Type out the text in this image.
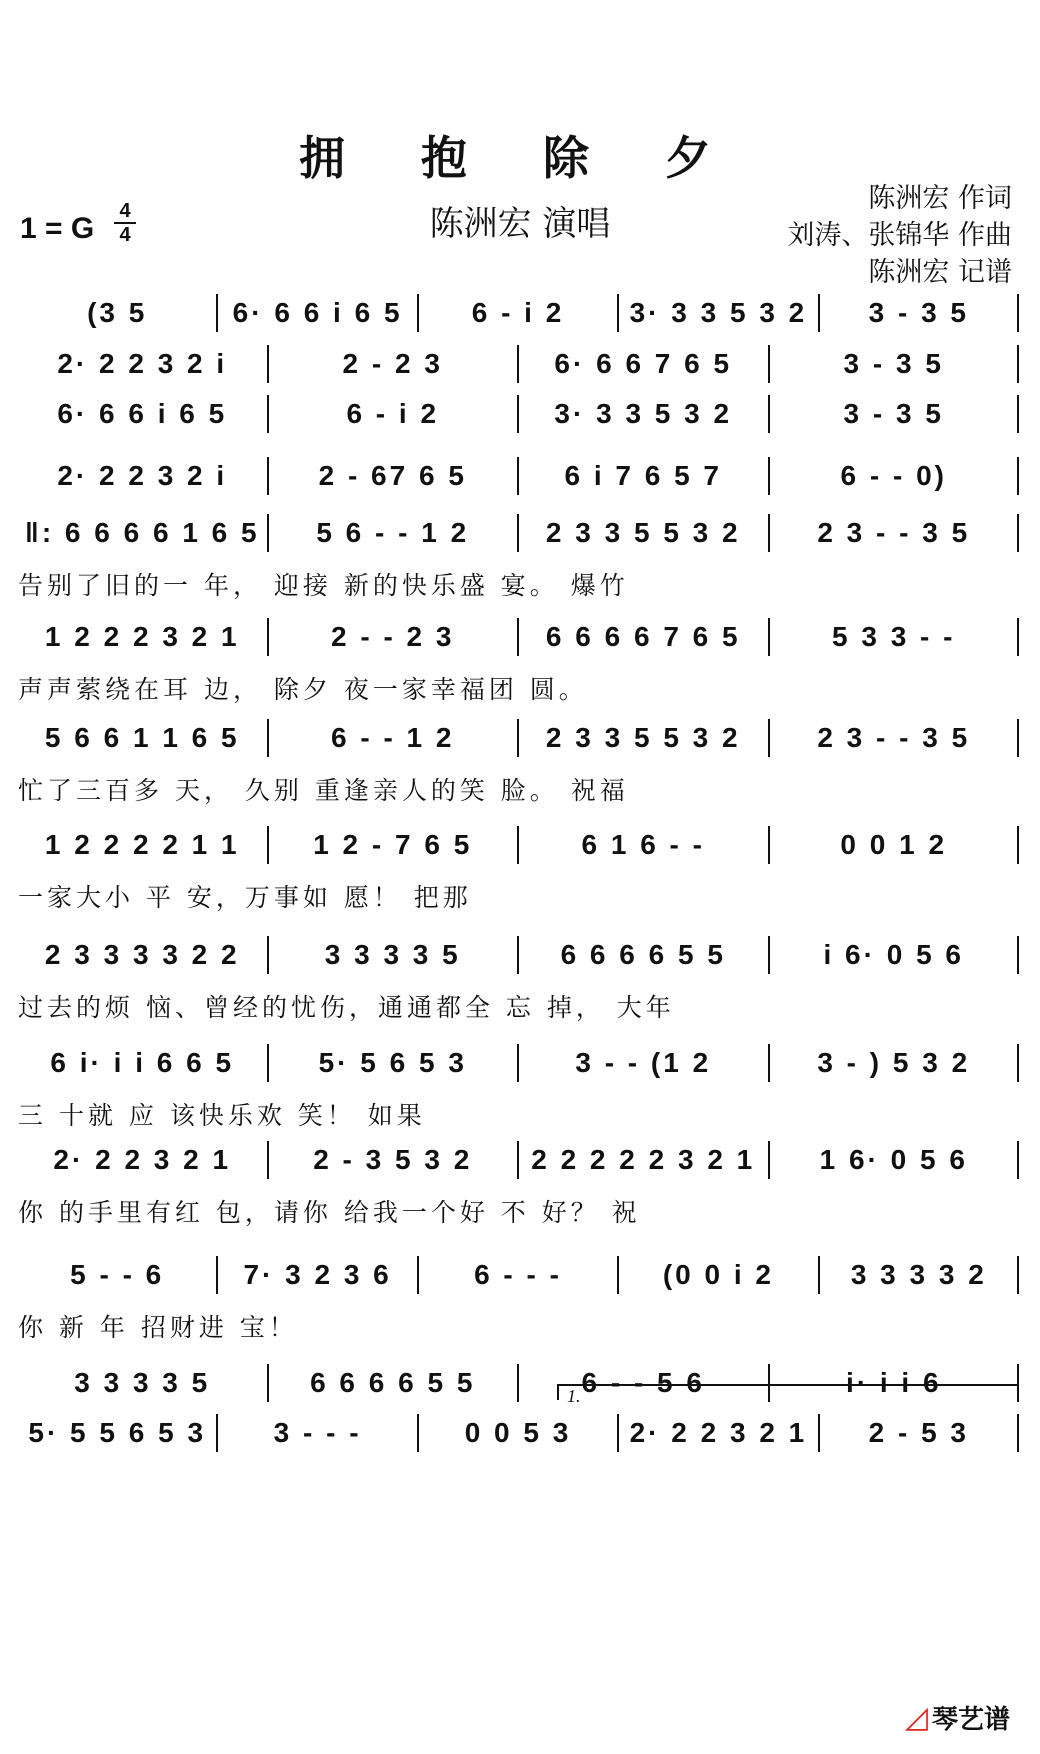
拥 抱 除 夕
1 = G
4
4	陈洲宏 演唱
陈洲宏 作词
刘涛、张锦华 作曲
陈洲宏 记谱
(3 5	6· 6 6 i 6 5	6 - i 2	3· 3 3 5 3 2	3 - 3 5
2· 2 2 3 2 i	2 - 2 3	6· 6 6 7 6 5	3 - 3 5
6· 6 6 i 6 5	6 - i 2	3· 3 3 5 3 2	3 - 3 5
2· 2 2 3 2 i	2 - 67 6 5	6 i 7 6 5 7	6 - - 0)
‖: 6 6 6 6 1 6 5	5 6 - - 1 2	2 3 3 5 5 3 2	2 3 - - 3 5
告别了旧的一 年， 迎接 新的快乐盛 宴。 爆竹
1 2 2 2 3 2 1	2 - - 2 3	6 6 6 6 7 6 5	5 3 3 - -
声声萦绕在耳 边， 除夕 夜一家幸福团 圆。
5 6 6 1 1 6 5	6 - - 1 2	2 3 3 5 5 3 2	2 3 - - 3 5
忙了三百多 天， 久别 重逢亲人的笑 脸。 祝福
1 2 2 2 2 1 1	1 2 - 7 6 5	6 1 6 - -	0 0 1 2
一家大小 平 安，万事如 愿！ 把那
2 3 3 3 3 2 2	3 3 3 3 5	6 6 6 6 5 5	i 6· 0 5 6
过去的烦 恼、曾经的忧伤，通通都全 忘 掉， 大年
6 i· i i 6 6 5	5· 5 6 5 3	3 - - (1 2	3 - ) 5 3 2
三 十就 应 该快乐欢 笑！ 如果
2· 2 2 3 2 1	2 - 3 5 3 2	2 2 2 2 2 3 2 1	1 6· 0 5 6
你 的手里有红 包，请你 给我一个好 不 好？ 祝
5 - - 6	7· 3 2 3 6	6 - - -	(0 0 i 2	3 3 3 3 2
你 新 年 招财进 宝！
3 3 3 3 5	6 6 6 6 5 5	6 - - 5 6	i· i i 6
5· 5 5 6 5 3	3 - - -	0 0 5 3	2· 2 2 3 2 1	2 - 5 3
1.
◿ 琴艺谱
